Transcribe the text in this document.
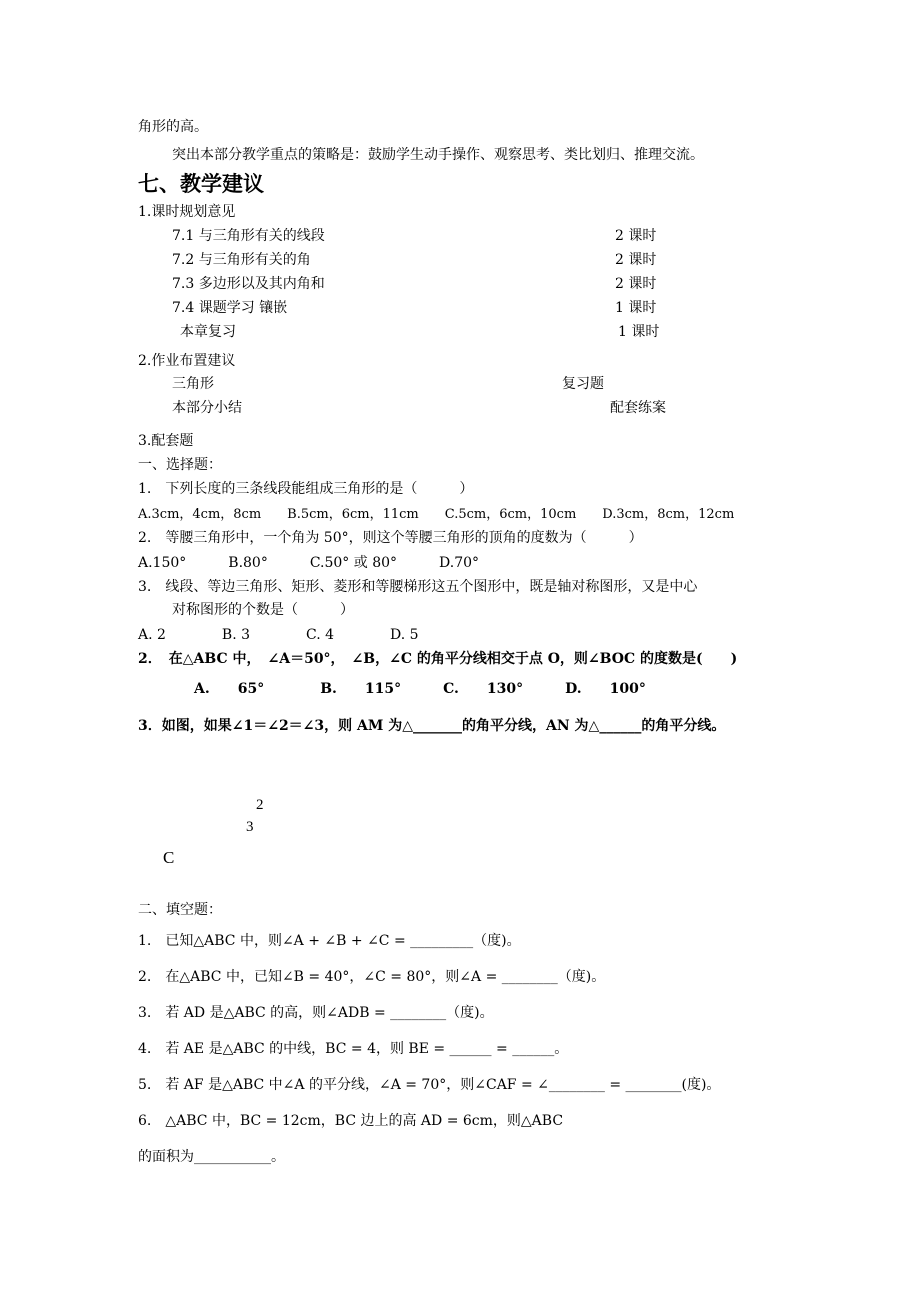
角形的高。
突出本部分教学重点的策略是：鼓励学生动手操作、观察思考、类比划归、推理交流。
七、教学建议
1.课时规划意见
7.1 与三角形有关的线段	2 课时
7.2 与三角形有关的角	2 课时
7.3 多边形以及其内角和	2 课时
7.4 课题学习 镶嵌	1 课时
本章复习	1 课时
2.作业布置建议
三角形	复习题
本部分小结	配套练案
3.配套题
一、选择题：
1.　下列长度的三条线段能组成三角形的是（　　　）
A.3cm，4cm，8cm　　B.5cm，6cm，11cm　　C.5cm，6cm，10cm　　D.3cm，8cm，12cm
2.　等腰三角形中，一个角为 50°，则这个等腰三角形的顶角的度数为（　　　）
A.150°　　　B.80°　　　C.50° 或 80°　　　D.70°
3.　线段、等边三角形、矩形、菱形和等腰梯形这五个图形中，既是轴对称图形，又是中心
对称图形的个数是（　　　）
A. 2　　　　B. 3　　　　C. 4　　　　D. 5
2．　在△ABC 中，　∠A＝50°，　∠B，∠C 的角平分线相交于点 O，则∠BOC 的度数是(　　)
A.　　65°　　　　B.　　115°　　　C.　　130°　　　D.　　100°
3．如图，如果∠1＝∠2＝∠3，则 AM 为△_______的角平分线，AN 为△______的角平分线。
2
3
C
二、填空题：
1.　已知△ABC 中，则∠A + ∠B + ∠C = _________（度)。
2.　在△ABC 中，已知∠B = 40°，∠C = 80°，则∠A = ________（度)。
3.　若 AD 是△ABC 的高，则∠ADB = ________（度)。
4.　若 AE 是△ABC 的中线，BC = 4，则 BE = ______ = ______。
5.　若 AF 是△ABC 中∠A 的平分线，∠A = 70°，则∠CAF = ∠________ = ________(度)。
6.　△ABC 中，BC = 12cm，BC 边上的高 AD = 6cm，则△ABC
的面积为___________。
